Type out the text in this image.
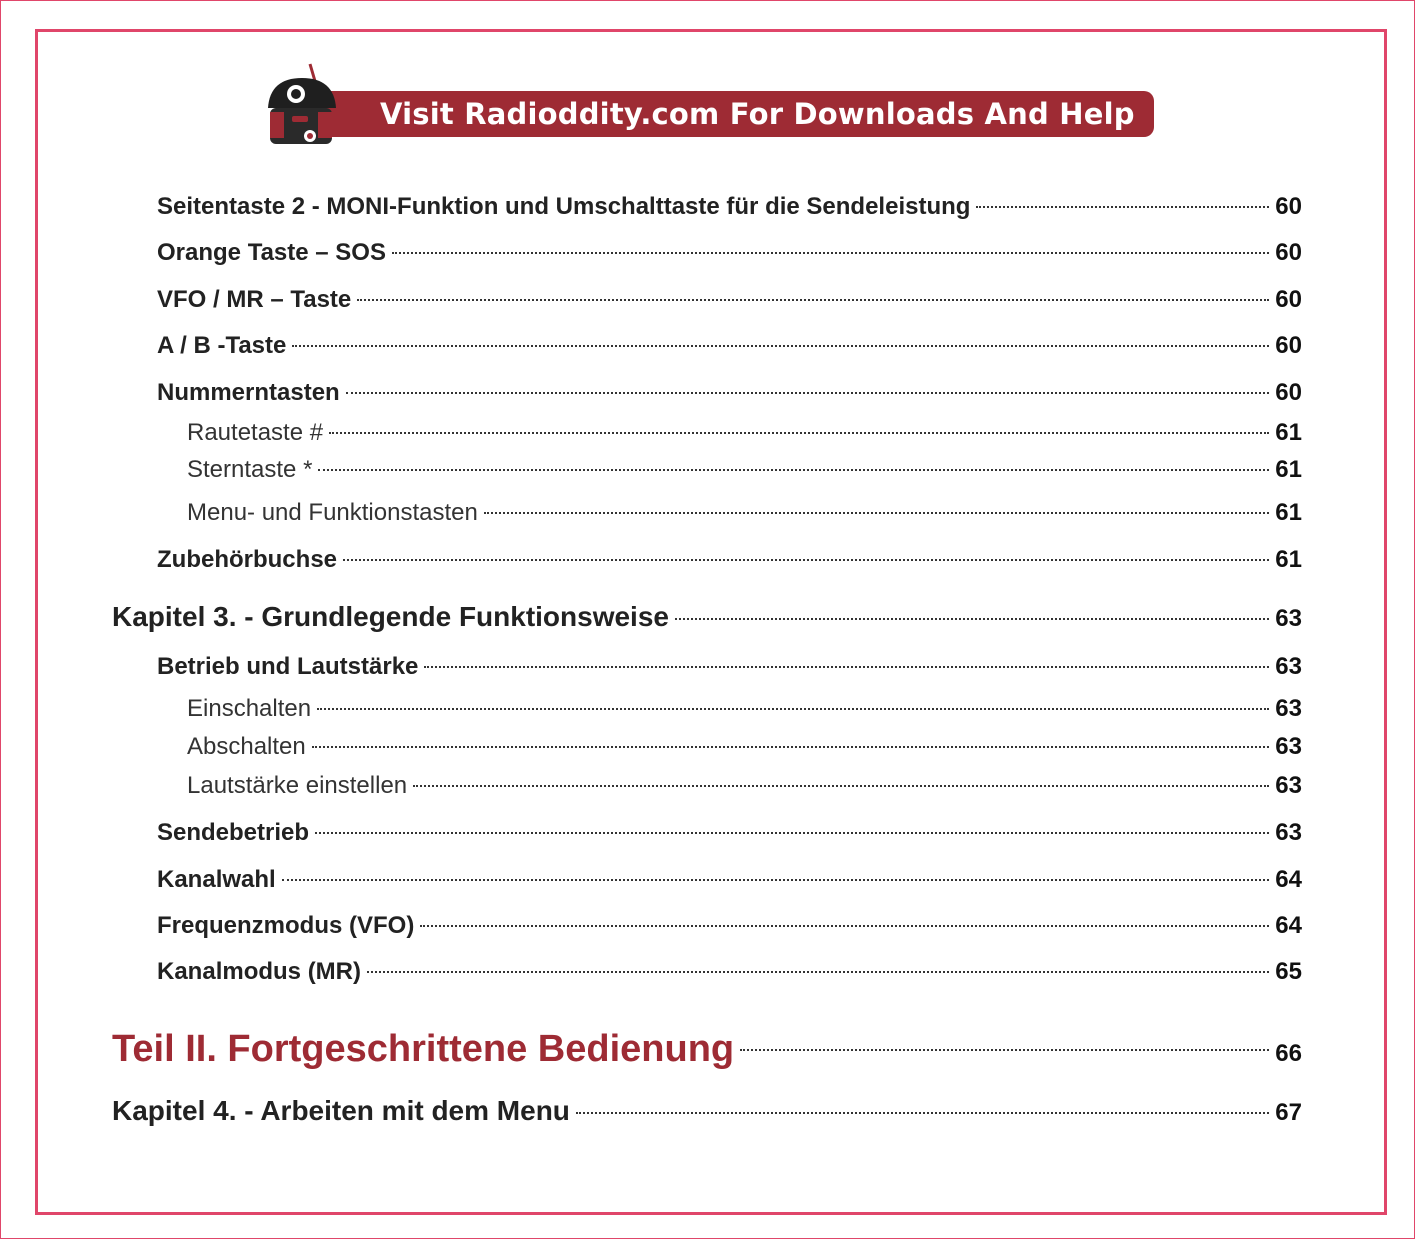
Visit Radioddity.com For Downloads And Help
Seitentaste 2 - MONI-Funktion und Umschalttaste für die Sendeleistung	60
Orange Taste – SOS	60
VFO / MR – Taste	60
A / B -Taste	60
Nummerntasten	60
Rautetaste #	61
Sterntaste *	61
Menu- und Funktionstasten	61
Zubehörbuchse	61
Kapitel 3. - Grundlegende Funktionsweise	63
Betrieb und Lautstärke	63
Einschalten	63
Abschalten	63
Lautstärke einstellen	63
Sendebetrieb	63
Kanalwahl	64
Frequenzmodus (VFO)	64
Kanalmodus (MR)	65
Teil II. Fortgeschrittene Bedienung	66
Kapitel 4. - Arbeiten mit dem Menu	67
